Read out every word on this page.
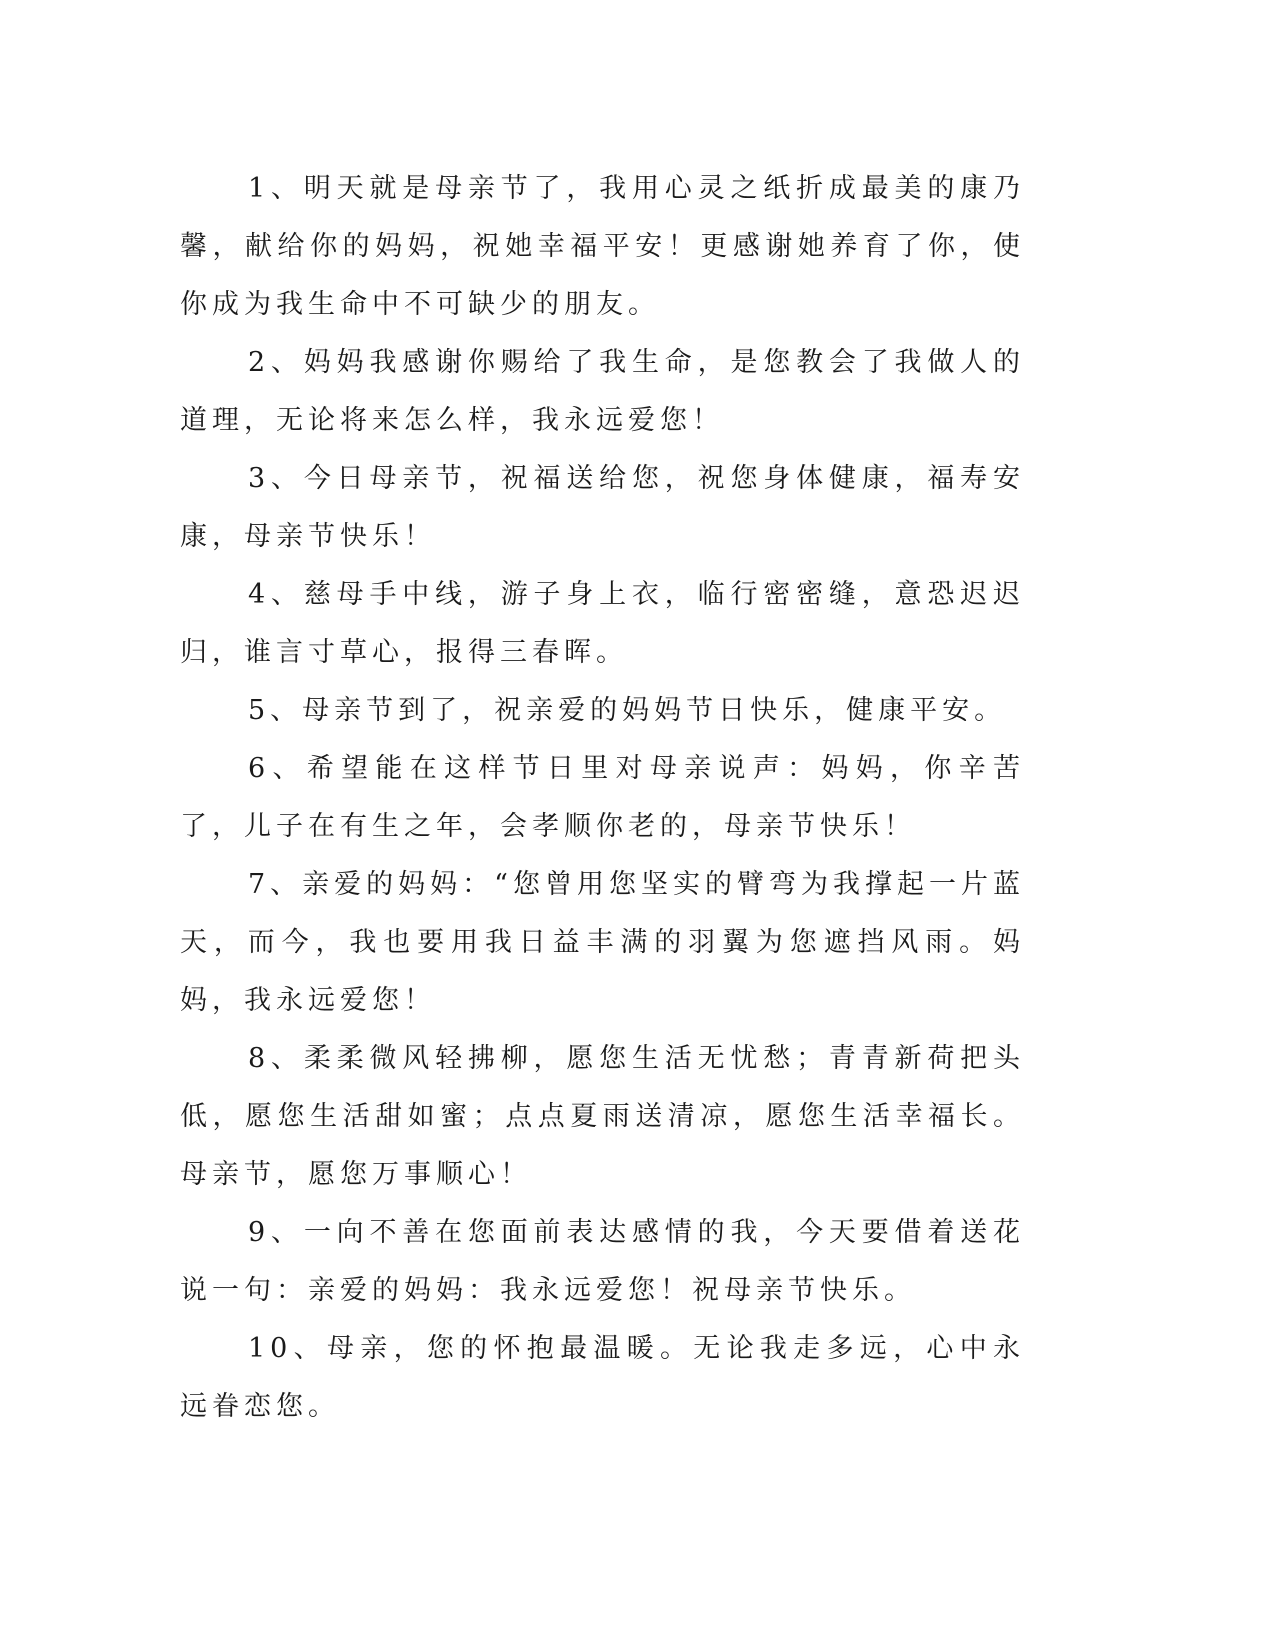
1、明天就是母亲节了，我用心灵之纸折成最美的康乃馨，献给你的妈妈，祝她幸福平安！更感谢她养育了你，使你成为我生命中不可缺少的朋友。

2、妈妈我感谢你赐给了我生命，是您教会了我做人的道理，无论将来怎么样，我永远爱您！

3、今日母亲节，祝福送给您，祝您身体健康，福寿安康，母亲节快乐！

4、慈母手中线，游子身上衣，临行密密缝，意恐迟迟归，谁言寸草心，报得三春晖。

5、母亲节到了，祝亲爱的妈妈节日快乐，健康平安。

6、希望能在这样节日里对母亲说声：妈妈，你辛苦了，儿子在有生之年，会孝顺你老的，母亲节快乐！

7、亲爱的妈妈：“您曾用您坚实的臂弯为我撑起一片蓝天，而今，我也要用我日益丰满的羽翼为您遮挡风雨。妈妈，我永远爱您！

8、柔柔微风轻拂柳，愿您生活无忧愁；青青新荷把头低，愿您生活甜如蜜；点点夏雨送清凉，愿您生活幸福长。母亲节，愿您万事顺心！

9、一向不善在您面前表达感情的我，今天要借着送花说一句：亲爱的妈妈：我永远爱您！祝母亲节快乐。

10、母亲，您的怀抱最温暖。无论我走多远，心中永远眷恋您。
